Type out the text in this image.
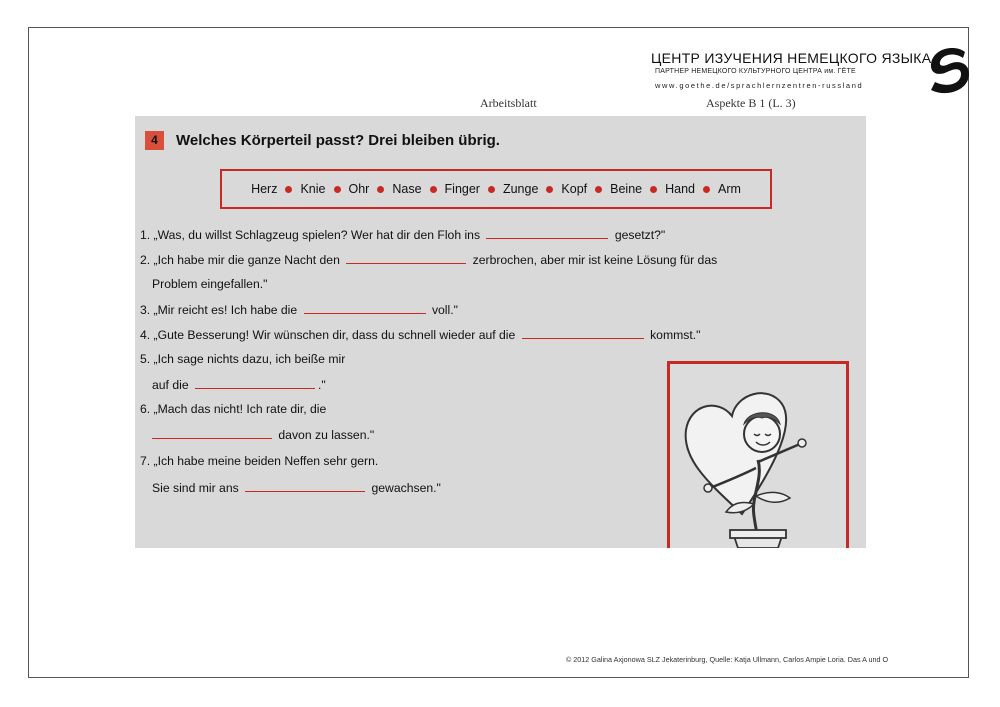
ЦЕНТР ИЗУЧЕНИЯ НЕМЕЦКОГО ЯЗЫКА
ПАРТНЕР НЕМЕЦКОГО КУЛЬТУРНОГО ЦЕНТРА им. ГЁТЕ
www.goethe.de/sprachlernzentren-russland
Arbeitsblatt	Aspekte B 1 (L. 3)
4	Welches Körperteil passt? Drei bleiben übrig.
Herz Knie Ohr Nase Finger Zunge Kopf Beine Hand Arm
1. „Was, du willst Schlagzeug spielen? Wer hat dir den Floh ins	gesetzt?"
2. „Ich habe mir die ganze Nacht den	zerbrochen, aber mir ist keine Lösung für das
Problem eingefallen."
3. „Mir reicht es! Ich habe die	voll."
4. „Gute Besserung! Wir wünschen dir, dass du schnell wieder auf die	kommst."
5. „Ich sage nichts dazu, ich beiße mir
auf die	."
6. „Mach das nicht! Ich rate dir, die
davon zu lassen."
7. „Ich habe meine beiden Neffen sehr gern.
Sie sind mir ans	gewachsen."
© 2012 Galina Axjonowa SLZ Jekaterinburg, Quelle: Katja Ullmann, Carlos Ampie Loria. Das A und O
